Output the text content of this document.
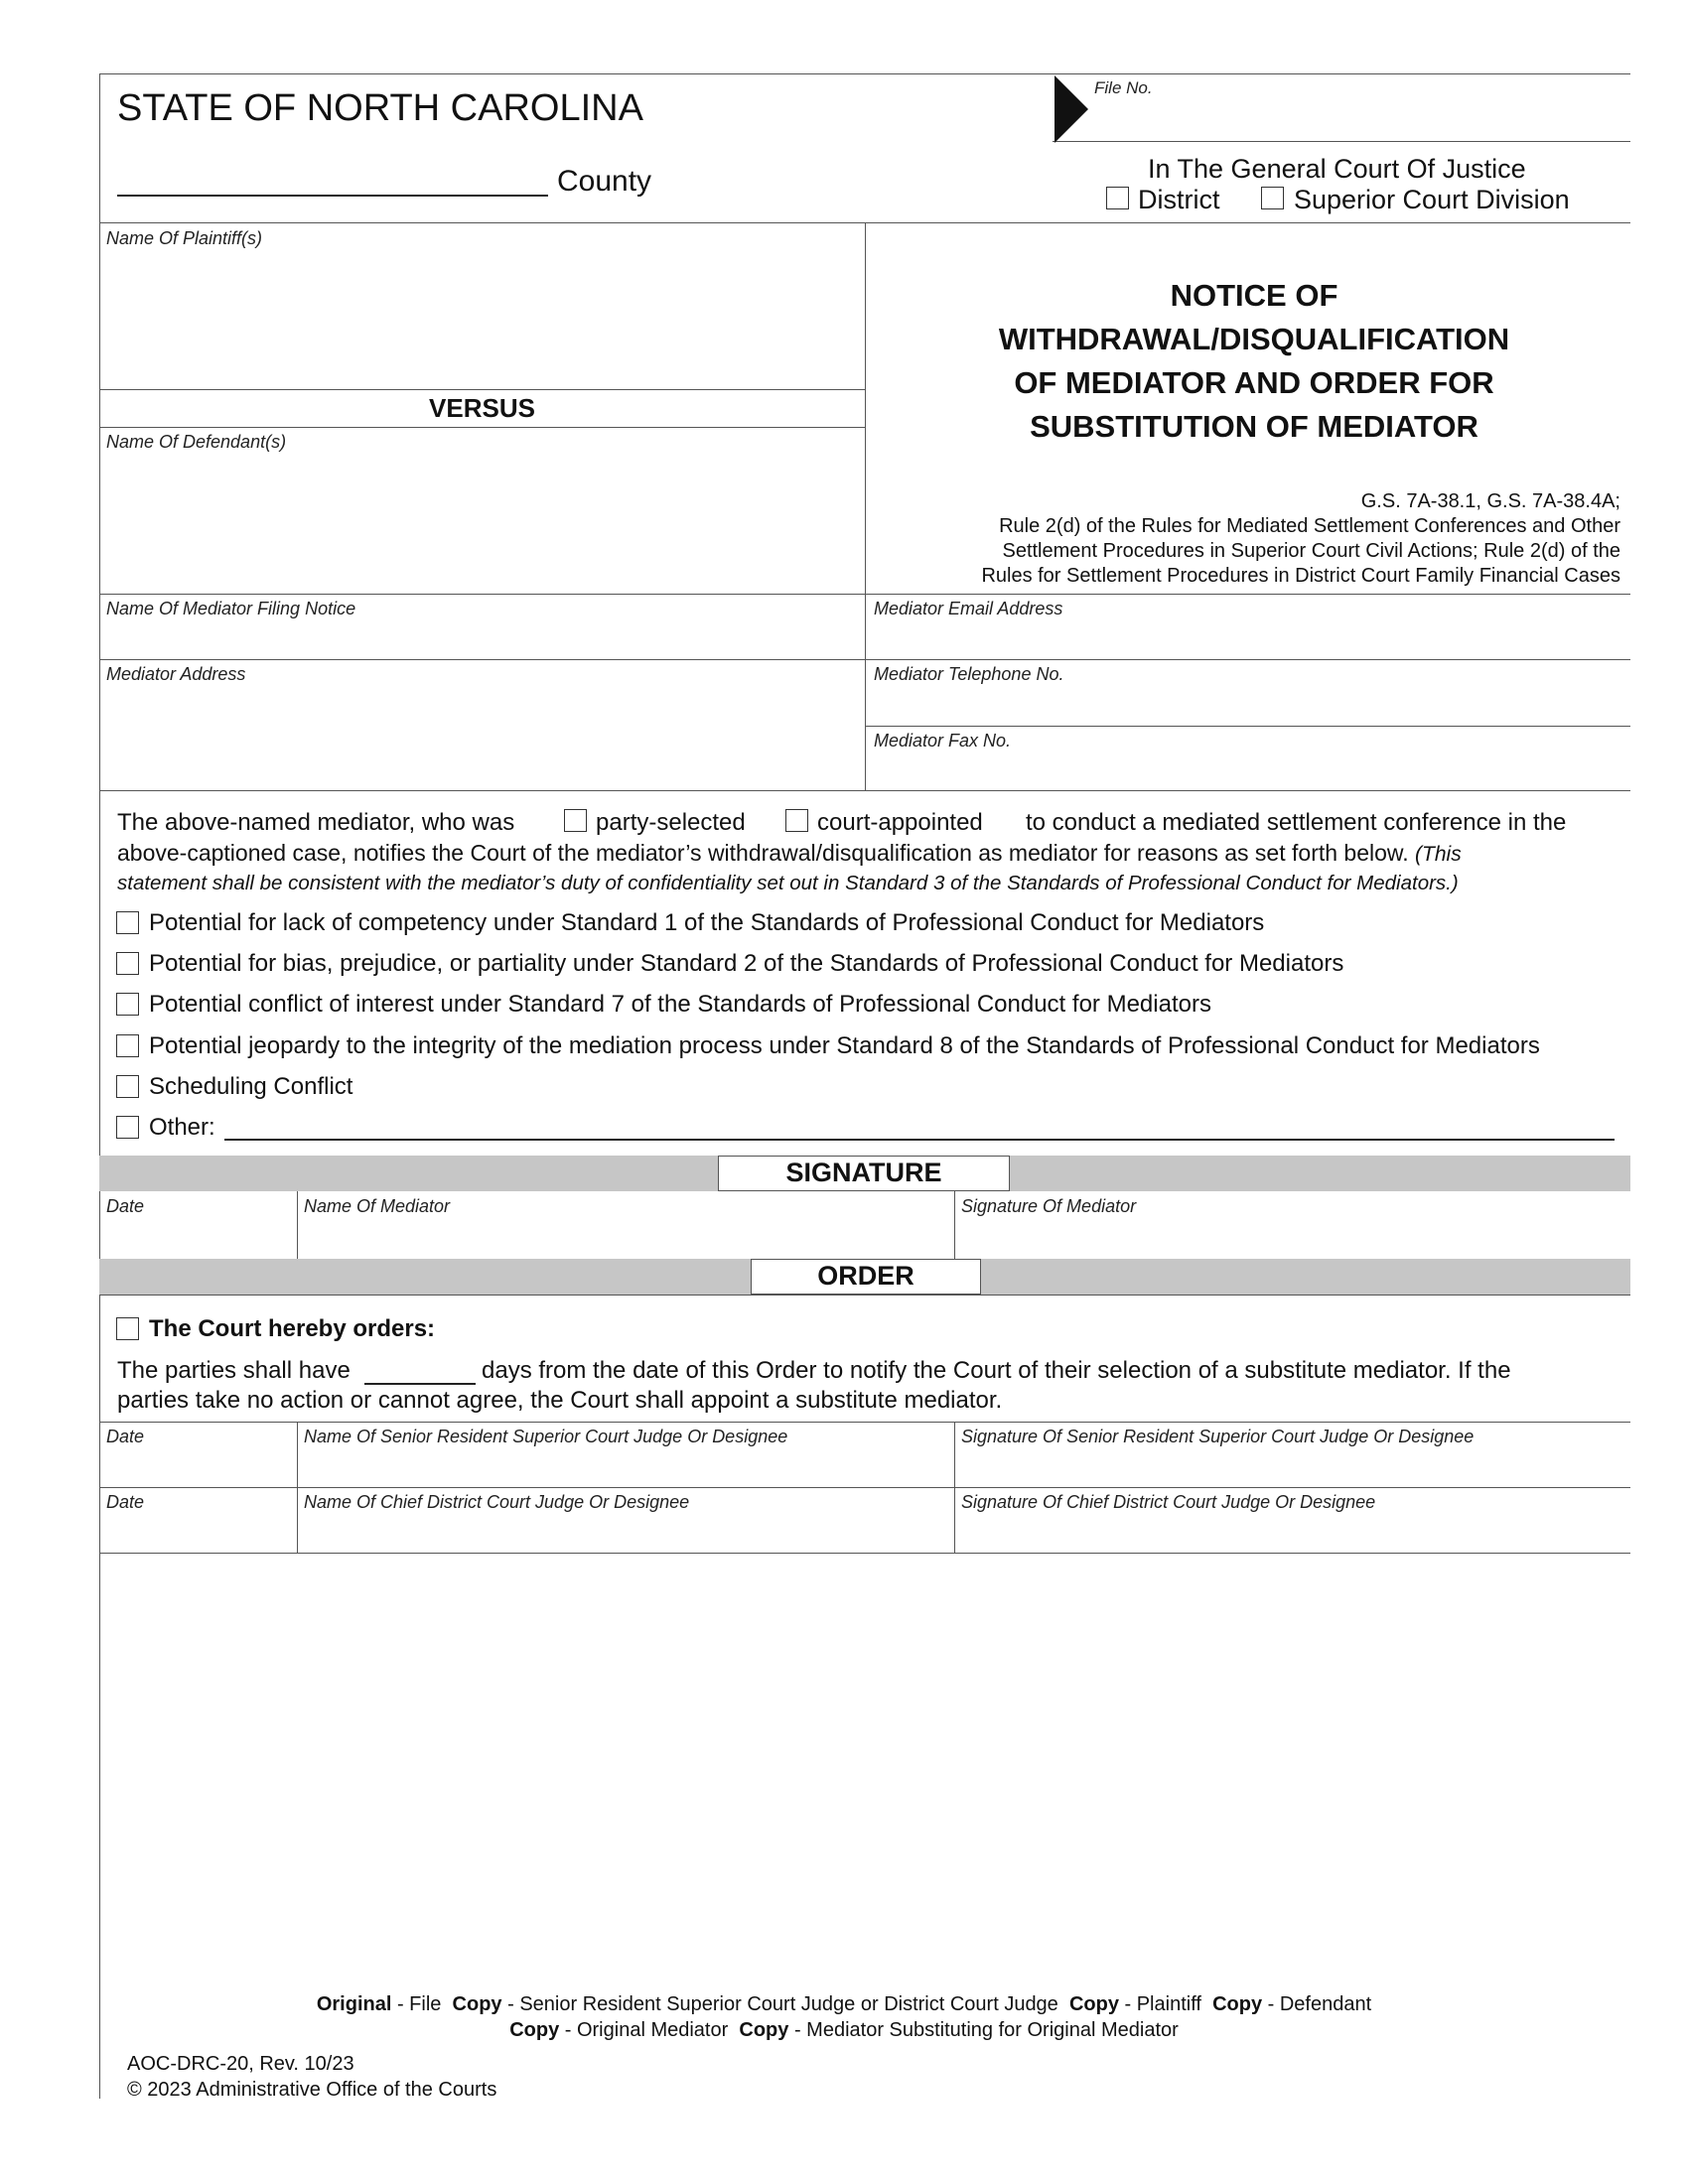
STATE OF NORTH CAROLINA
County
File No.
In The General Court Of Justice
District	Superior Court Division
Name Of Plaintiff(s)
VERSUS
Name Of Defendant(s)
NOTICE OF
WITHDRAWAL/DISQUALIFICATION
OF MEDIATOR AND ORDER FOR
SUBSTITUTION OF MEDIATOR
G.S. 7A-38.1, G.S. 7A-38.4A;
Rule 2(d) of the Rules for Mediated Settlement Conferences and Other
Settlement Procedures in Superior Court Civil Actions; Rule 2(d) of the
Rules for Settlement Procedures in District Court Family Financial Cases
Name Of Mediator Filing Notice	Mediator Email Address
Mediator Address	Mediator Telephone No.
Mediator Fax No.
The above-named mediator, who was	party-selected	court-appointed to conduct a mediated settlement conference in the
above-captioned case, notifies the Court of the mediator’s withdrawal/disqualification as mediator for reasons as set forth below. (This
statement shall be consistent with the mediator’s duty of confidentiality set out in Standard 3 of the Standards of Professional Conduct for Mediators.)
Potential for lack of competency under Standard 1 of the Standards of Professional Conduct for Mediators
Potential for bias, prejudice, or partiality under Standard 2 of the Standards of Professional Conduct for Mediators
Potential conflict of interest under Standard 7 of the Standards of Professional Conduct for Mediators
Potential jeopardy to the integrity of the mediation process under Standard 8 of the Standards of Professional Conduct for Mediators
Scheduling Conflict
Other:
SIGNATURE
Date	Name Of Mediator	Signature Of Mediator
ORDER
The Court hereby orders:
The parties shall have	days from the date of this Order to notify the Court of their selection of a substitute mediator. If the
parties take no action or cannot agree, the Court shall appoint a substitute mediator.
Date	Name Of Senior Resident Superior Court Judge Or Designee	Signature Of Senior Resident Superior Court Judge Or Designee
Date	Name Of Chief District Court Judge Or Designee	Signature Of Chief District Court Judge Or Designee
Original - File Copy - Senior Resident Superior Court Judge or District Court Judge Copy - Plaintiff Copy - Defendant
Copy - Original Mediator Copy - Mediator Substituting for Original Mediator
AOC-DRC-20, Rev. 10/23
© 2023 Administrative Office of the Courts
